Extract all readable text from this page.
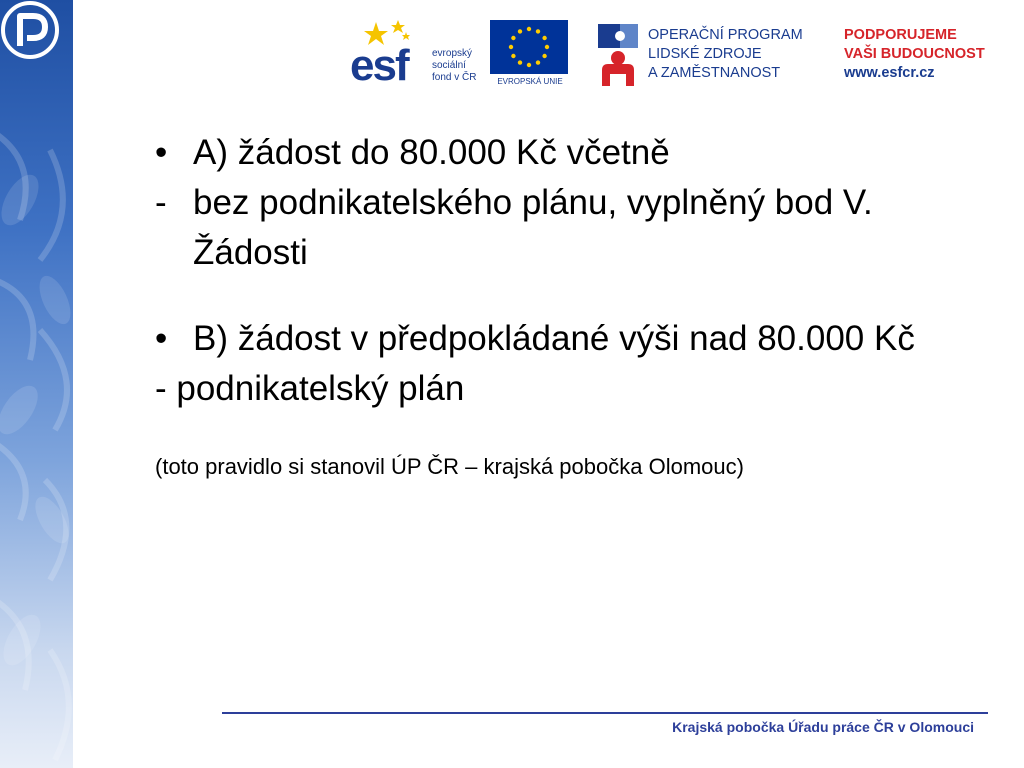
esf evropský
sociální
fond v ČR	EVROPSKÁ UNIE
OPERAČNÍ PROGRAM
LIDSKÉ ZDROJE
A ZAMĚSTNANOST
PODPORUJEME
VAŠI BUDOUCNOST
www.esfcr.cz
• A) žádost do 80.000 Kč včetně
- bez podnikatelského plánu, vyplněný bod V. Žádosti
• B) žádost v předpokládané výši nad 80.000 Kč
- podnikatelský plán
(toto pravidlo si stanovil ÚP ČR – krajská pobočka Olomouc)
Krajská pobočka Úřadu práce ČR v Olomouci
